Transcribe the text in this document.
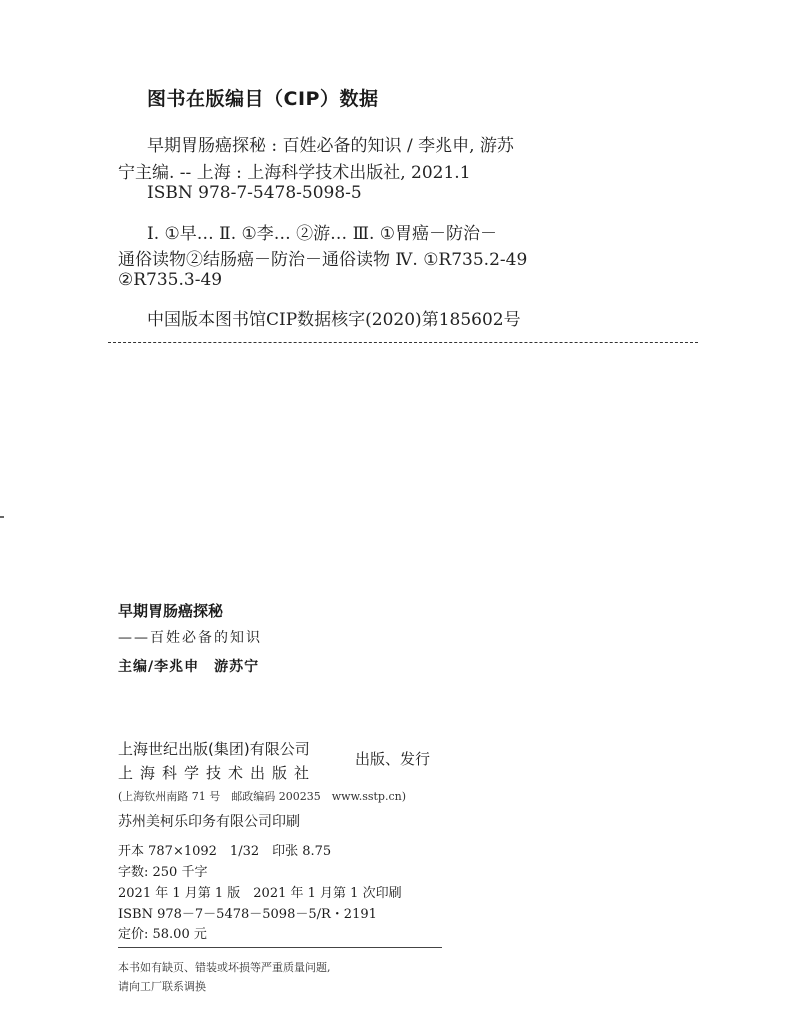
图书在版编目（CIP）数据
早期胃肠癌探秘 : 百姓必备的知识 / 李兆申, 游苏
宁主编. -- 上海 : 上海科学技术出版社, 2021.1
ISBN 978-7-5478-5098-5
Ⅰ. ①早… Ⅱ. ①李… ②游… Ⅲ. ①胃癌－防治－
通俗读物②结肠癌－防治－通俗读物 Ⅳ. ①R735.2-49
②R735.3-49
中国版本图书馆CIP数据核字(2020)第185602号
早期胃肠癌探秘
——百姓必备的知识
主编/李兆申　游苏宁
上海世纪出版(集团)有限公司
上海科学技术出版社
出版、发行
(上海钦州南路 71 号　邮政编码 200235　www.sstp.cn)
苏州美柯乐印务有限公司印刷
开本 787×1092　1/32　印张 8.75
字数: 250 千字
2021 年 1 月第 1 版　2021 年 1 月第 1 次印刷
ISBN 978－7－5478－5098－5/R・2191
定价: 58.00 元
本书如有缺页、错装或坏损等严重质量问题,
请向工厂联系调换
